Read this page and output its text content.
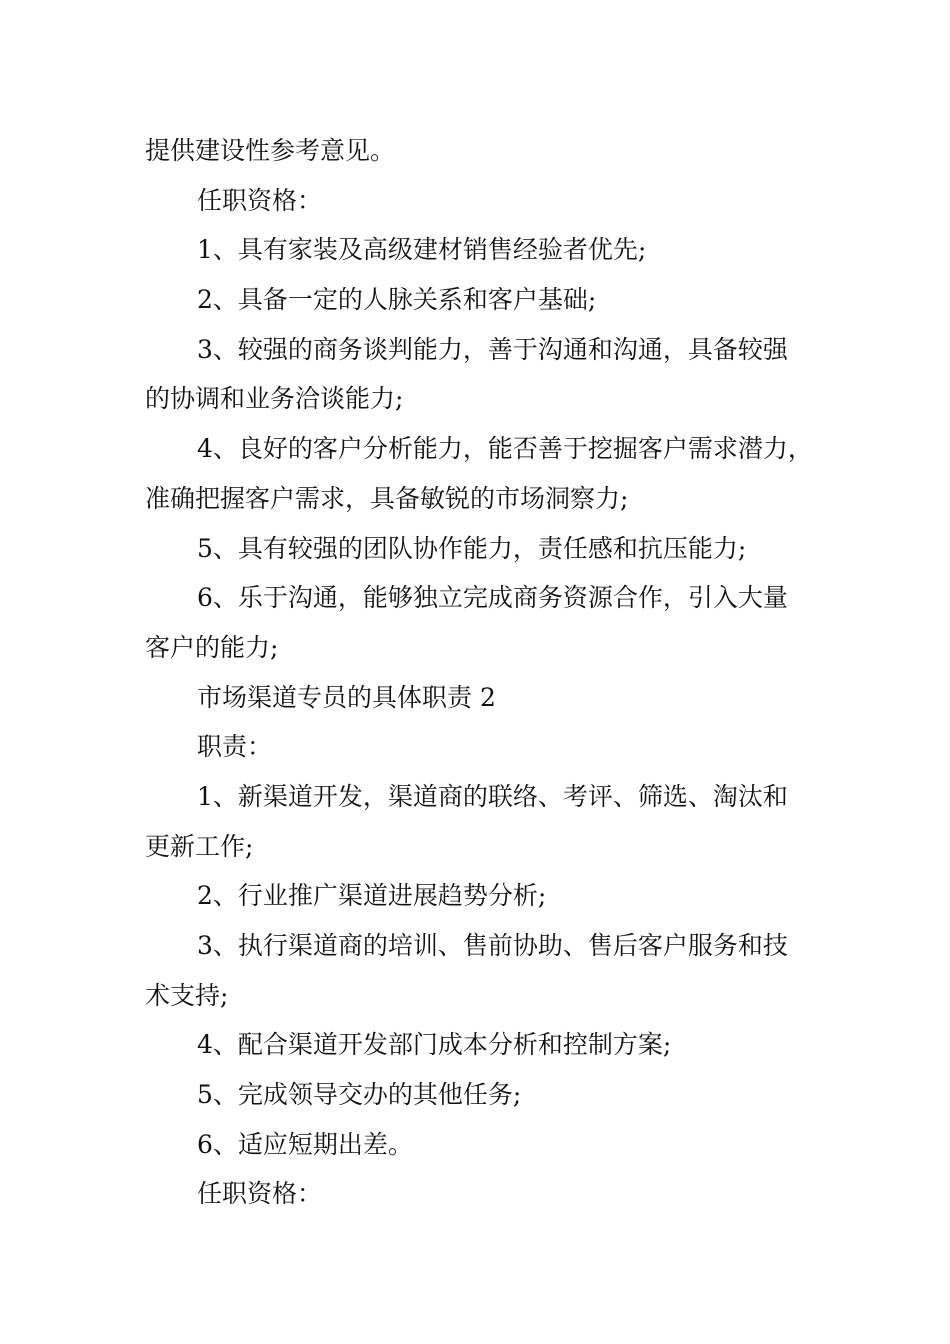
提供建设性参考意见。
任职资格：
1、具有家装及高级建材销售经验者优先;
2、具备一定的人脉关系和客户基础;
3、较强的商务谈判能力，善于沟通和沟通，具备较强
的协调和业务洽谈能力;
4、良好的客户分析能力，能否善于挖掘客户需求潜力，
准确把握客户需求，具备敏锐的市场洞察力;
5、具有较强的团队协作能力，责任感和抗压能力;
6、乐于沟通，能够独立完成商务资源合作，引入大量
客户的能力;
市场渠道专员的具体职责 2
职责：
1、新渠道开发，渠道商的联络、考评、筛选、淘汰和
更新工作;
2、行业推广渠道进展趋势分析;
3、执行渠道商的培训、售前协助、售后客户服务和技
术支持;
4、配合渠道开发部门成本分析和控制方案;
5、完成领导交办的其他任务;
6、适应短期出差。
任职资格：
